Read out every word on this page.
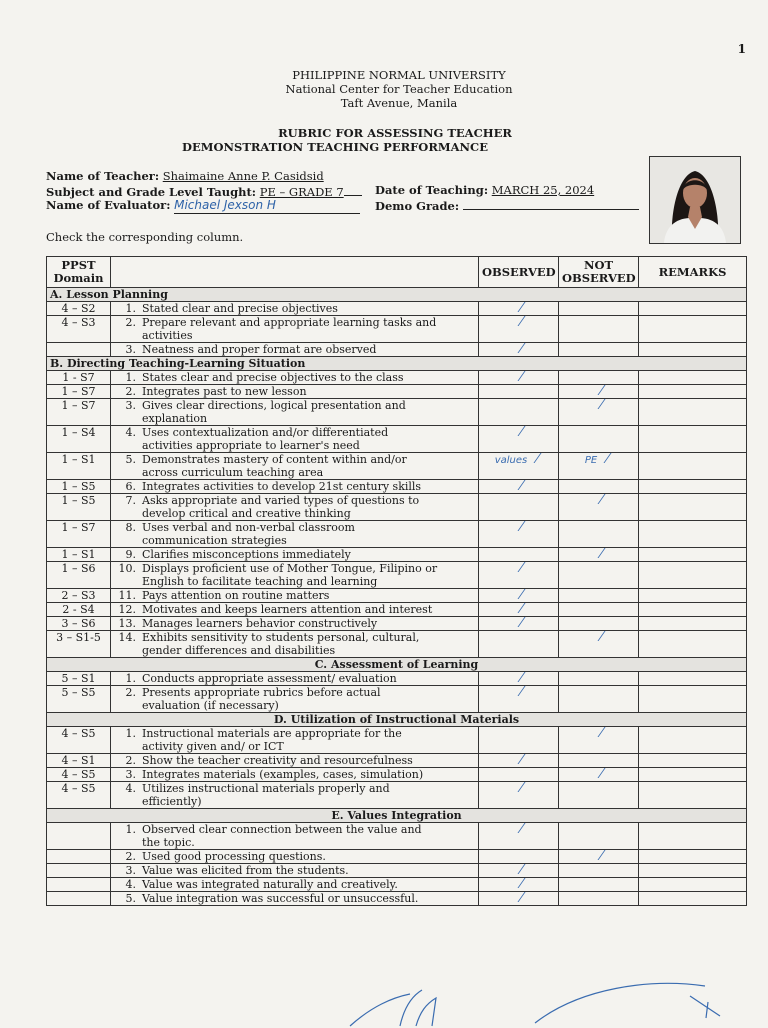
1
PHILIPPINE NORMAL UNIVERSITY
National Center for Teacher Education
Taft Avenue, Manila
RUBRIC FOR ASSESSING TEACHER
DEMONSTRATION TEACHING PERFORMANCE
Name of Teacher: Shaimaine Anne P. Casidsid
Subject and Grade Level Taught: PE – GRADE 7
Name of Evaluator: Michael Jexson H
Date of Teaching: MARCH 25, 2024
Demo Grade:
Check the corresponding column.
PPST Domain		OBSERVED	NOT OBSERVED	REMARKS
A. Lesson Planning				
4 – S2	1. Stated clear and precise objectives			
4 – S3	2. Prepare relevant and appropriate learning tasks and activities			
	3. Neatness and proper format are observed			
B. Directing Teaching-Learning Situation				
1 - S7	1. States clear and precise objectives to the class			
1 – S7	2. Integrates past to new lesson			
1 – S7	3. Gives clear directions, logical presentation and explanation			
1 – S4	4. Uses contextualization and/or differentiated activities appropriate to learner's need			
1 – S1	5. Demonstrates mastery of content within and/or across curriculum teaching area	values	PE	
1 – S5	6. Integrates activities to develop 21st century skills			
1 – S5	7. Asks appropriate and varied types of questions to develop critical and creative thinking			
1 – S7	8. Uses verbal and non-verbal classroom communication strategies			
1 – S1	9. Clarifies misconceptions immediately			
1 – S6	10. Displays proficient use of Mother Tongue, Filipino or English to facilitate teaching and learning			
2 – S3	11. Pays attention on routine matters			
2 - S4	12. Motivates and keeps learners attention and interest			
3 – S6	13. Manages learners behavior constructively			
3 – S1-5	14. Exhibits sensitivity to students personal, cultural, gender differences and disabilities			
C. Assessment of Learning				
5 – S1	1. Conducts appropriate assessment/ evaluation			
5 – S5	2. Presents appropriate rubrics before actual evaluation (if necessary)			
D. Utilization of Instructional Materials				
4 – S5	1. Instructional materials are appropriate for the activity given and/ or ICT			
4 – S1	2. Show the teacher creativity and resourcefulness			
4 – S5	3. Integrates materials (examples, cases, simulation)			
4 – S5	4. Utilizes instructional materials properly and efficiently)			
E. Values Integration				
	1. Observed clear connection between the value and the topic.			
	2. Used good processing questions.			
	3. Value was elicited from the students.			
	4. Value was integrated naturally and creatively.			
	5. Value integration was successful or unsuccessful.			
